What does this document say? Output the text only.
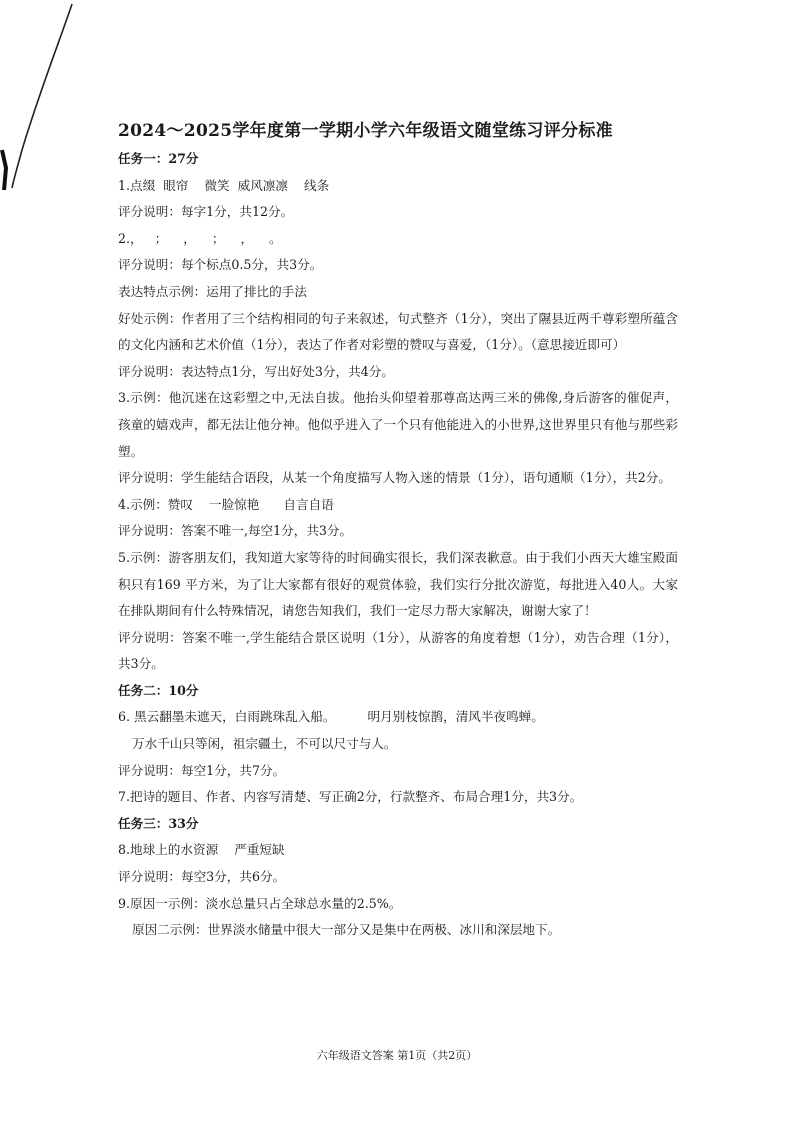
2024～2025学年度第一学期小学六年级语文随堂练习评分标准

任务一：27分

1.点缀  眼帘    微笑  威风凛凛    线条

评分说明：每字1分，共12分。

2.，   ；    ，    ；    ，    。

评分说明：每个标点0.5分，共3分。

表达特点示例：运用了排比的手法

好处示例：作者用了三个结构相同的句子来叙述，句式整齐（1分），突出了隰县近两千尊彩塑所蕴含的文化内涵和艺术价值（1分），表达了作者对彩塑的赞叹与喜爱，（1分）。（意思接近即可）

评分说明：表达特点1分，写出好处3分，共4分。

3.示例：他沉迷在这彩塑之中,无法自拔。他抬头仰望着那尊高达两三米的佛像,身后游客的催促声，孩童的嬉戏声，都无法让他分神。他似乎进入了一个只有他能进入的小世界,这世界里只有他与那些彩塑。

评分说明：学生能结合语段，从某一个角度描写人物入迷的情景（1分），语句通顺（1分），共2分。

4.示例：赞叹    一脸惊艳      自言自语

评分说明：答案不唯一,每空1分，共3分。

5.示例：游客朋友们，我知道大家等待的时间确实很长，我们深表歉意。由于我们小西天大雄宝殿面积只有169 平方米，为了让大家都有很好的观赏体验，我们实行分批次游览，每批进入40人。大家在排队期间有什么特殊情况，请您告知我们，我们一定尽力帮大家解决，谢谢大家了！

评分说明：答案不唯一,学生能结合景区说明（1分），从游客的角度着想（1分），劝告合理（1分），共3分。

任务二：10分

6. 黑云翻墨未遮天，白雨跳珠乱入船。        明月别枝惊鹊，清风半夜鸣蝉。

万水千山只等闲，祖宗疆土，不可以尺寸与人。

评分说明：每空1分，共7分。

7.把诗的题目、作者、内容写清楚、写正确2分，行款整齐、布局合理1分，共3分。

任务三：33分

8.地球上的水资源    严重短缺

评分说明：每空3分，共6分。

9.原因一示例：淡水总量只占全球总水量的2.5%。

原因二示例：世界淡水储量中很大一部分又是集中在两极、冰川和深层地下。

六年级语文答案 第1页（共2页）
